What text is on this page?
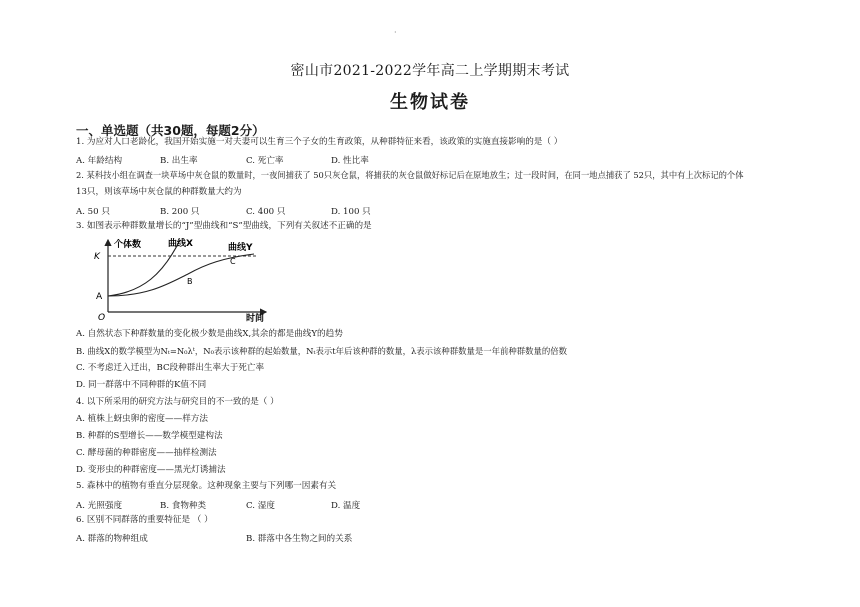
·
密山市2021-2022学年高二上学期期末考试
生物试卷
一、单选题（共30题，每题2分）
1. 为应对人口老龄化，我国开始实施一对夫妻可以生育三个子女的生育政策，从种群特征来看，该政策的实施直接影响的是（ ）
A. 年龄结构	B. 出生率	C. 死亡率	D. 性比率
2. 某科技小组在调查一块草场中灰仓鼠的数量时，一夜间捕获了 50只灰仓鼠，将捕获的灰仓鼠做好标记后在原地放生；过一段时间，在同一地点捕获了 52只，其中有上次标记的个体
13只，则该草场中灰仓鼠的种群数量大约为
A. 50 只	B. 200 只	C. 400 只	D. 100 只
3. 如图表示种群数量增长的“J”型曲线和“S”型曲线，下列有关叙述不正确的是
个体数	曲线X	曲线Y
K	C
B
A
O	时间
A. 自然状态下种群数量的变化极少数是曲线X,其余的都是曲线Y的趋势
B. 曲线X的数学模型为Nₜ=N₀λᵗ，N₀表示该种群的起始数量，Nₜ表示t年后该种群的数量，λ表示该种群数量是一年前种群数量的倍数
C. 不考虑迁入迁出，BC段种群出生率大于死亡率
D. 同一群落中不同种群的K值不同
4. 以下所采用的研究方法与研究目的不一致的是（ ）
A. 植株上蚜虫卵的密度——样方法
B. 种群的S型增长——数学模型建构法
C. 酵母菌的种群密度——抽样检测法
D. 变形虫的种群密度——黑光灯诱捕法
5. 森林中的植物有垂直分层现象。这种现象主要与下列哪一因素有关
A. 光照强度	B. 食物种类	C. 湿度	D. 温度
6. 区别不同群落的重要特征是 （ ）
A. 群落的物种组成	B. 群落中各生物之间的关系
